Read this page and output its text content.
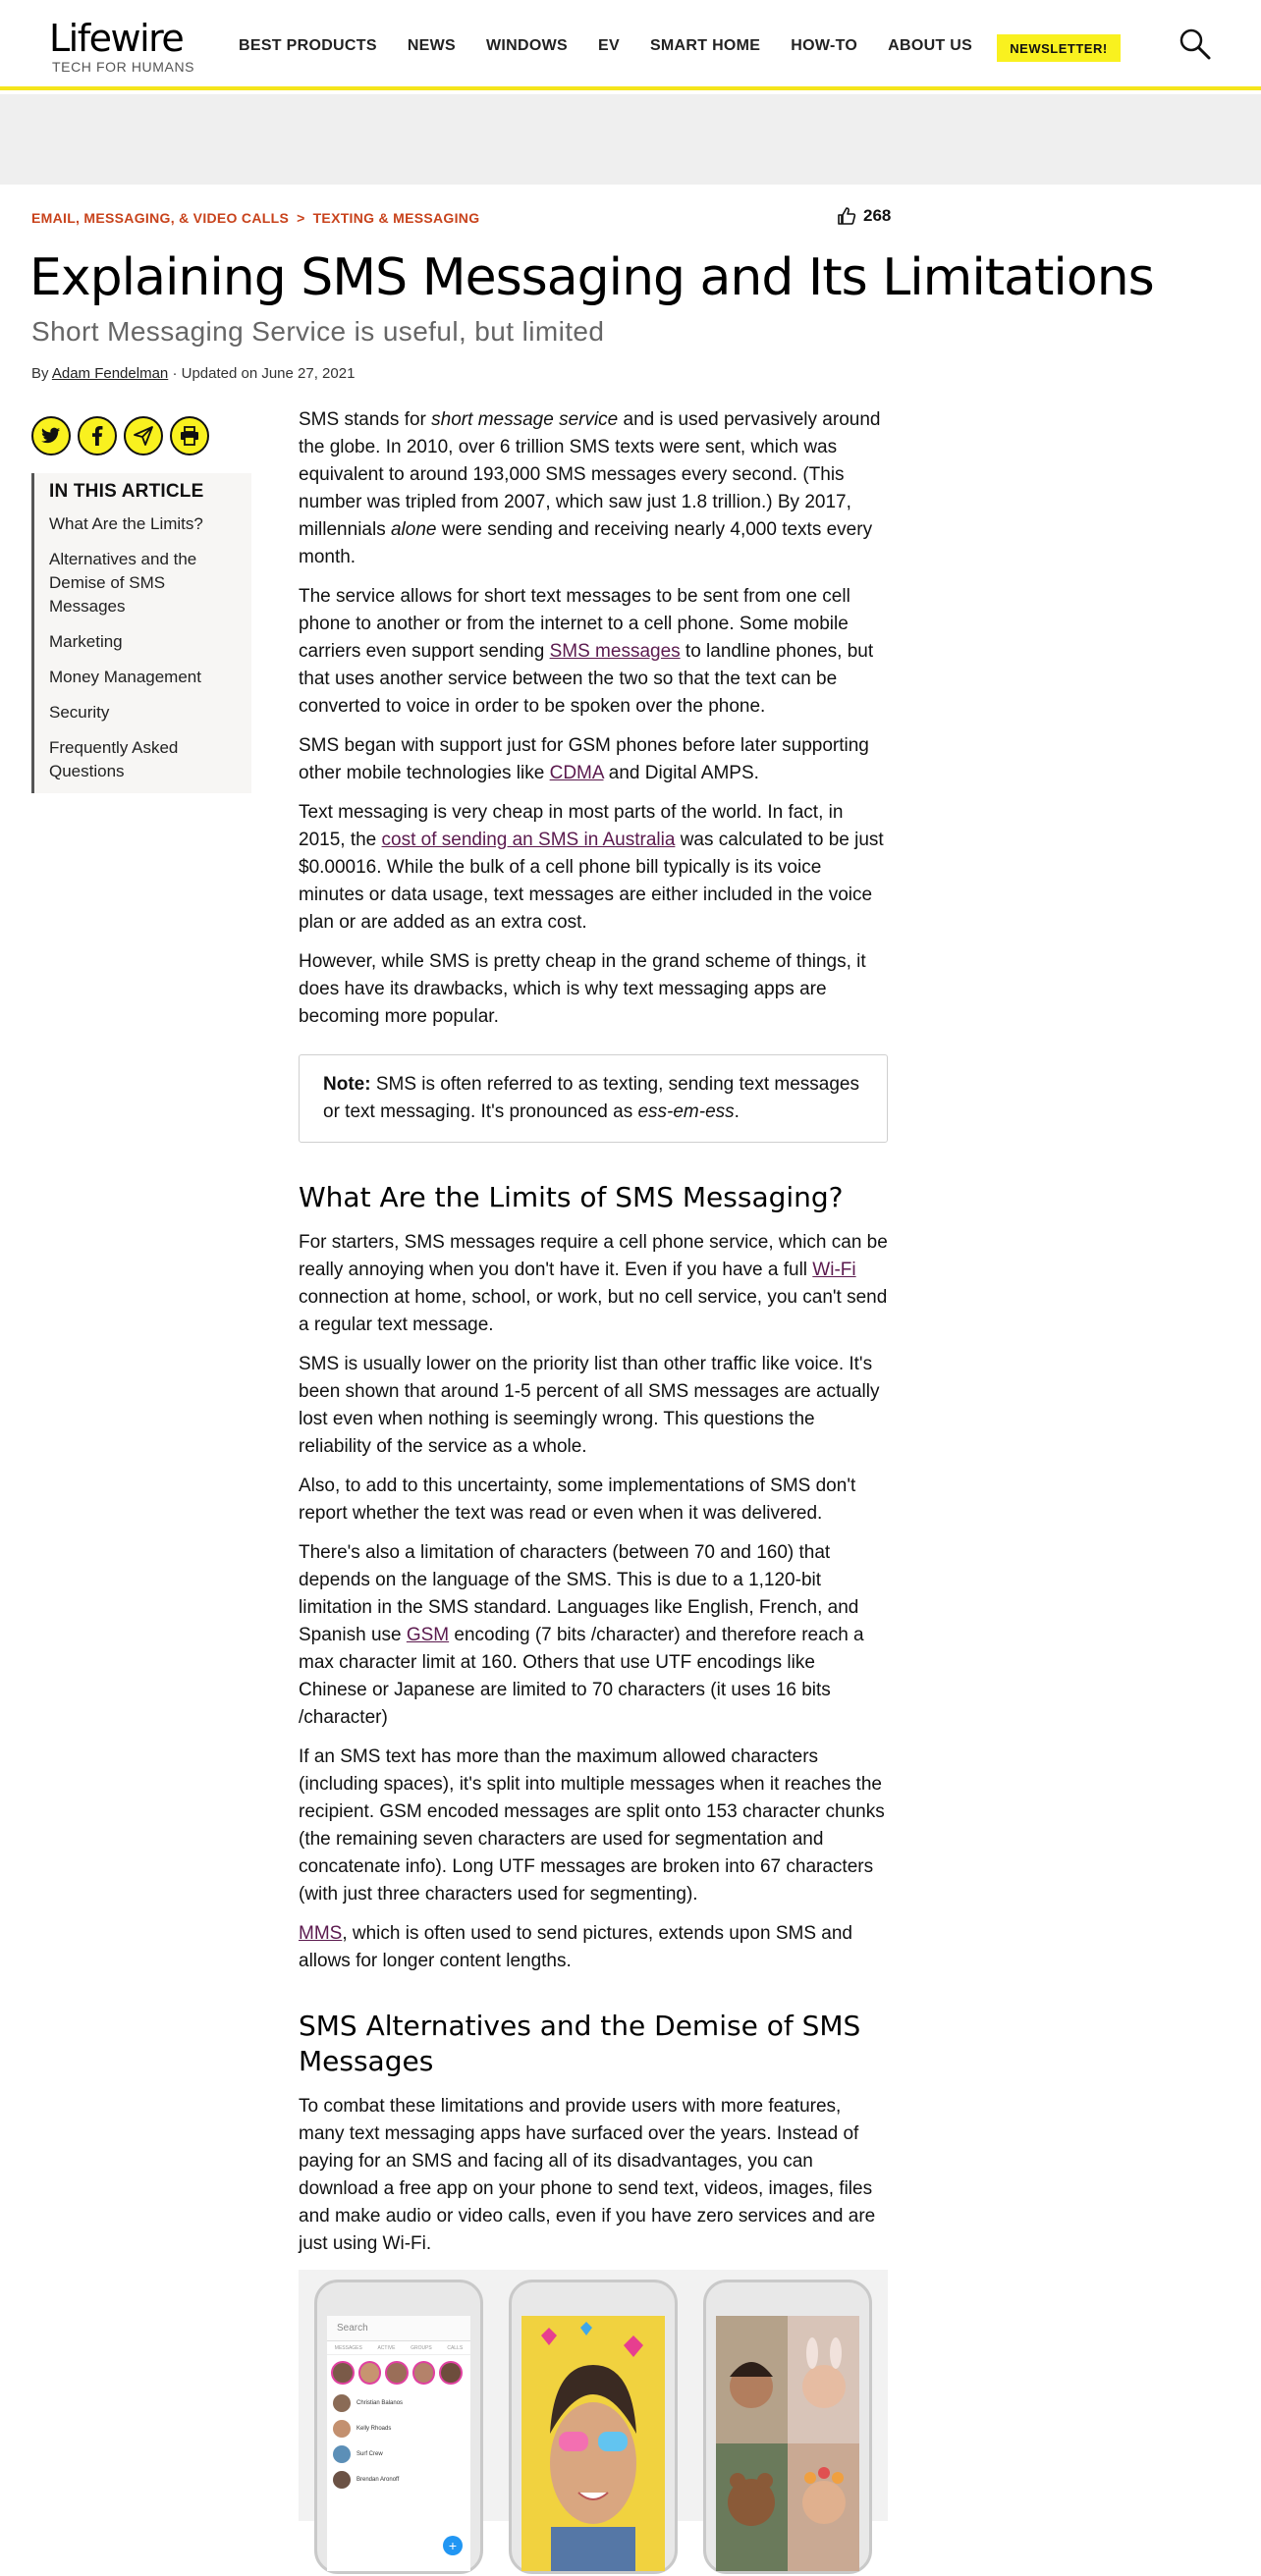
Lifewire
TECH FOR HUMANS
BEST PRODUCTS NEWS WINDOWS EV SMART HOME HOW-TO ABOUT US	NEWSLETTER!
EMAIL, MESSAGING, & VIDEO CALLS > TEXTING & MESSAGING	268
Explaining SMS Messaging and Its Limitations
Short Messaging Service is useful, but limited
By Adam Fendelman · Updated on June 27, 2021
IN THIS ARTICLE
What Are the Limits?
Alternatives and the Demise of SMS Messages
Marketing
Money Management
Security
Frequently Asked Questions

SMS stands for short message service and is used pervasively around the globe. In 2010, over 6 trillion SMS texts were sent, which was equivalent to around 193,000 SMS messages every second. (This number was tripled from 2007, which saw just 1.8 trillion.) By 2017, millennials alone were sending and receiving nearly 4,000 texts every month.

The service allows for short text messages to be sent from one cell phone to another or from the internet to a cell phone. Some mobile carriers even support sending SMS messages to landline phones, but that uses another service between the two so that the text can be converted to voice in order to be spoken over the phone.

SMS began with support just for GSM phones before later supporting other mobile technologies like CDMA and Digital AMPS.

Text messaging is very cheap in most parts of the world. In fact, in 2015, the cost of sending an SMS in Australia was calculated to be just $0.00016. While the bulk of a cell phone bill typically is its voice minutes or data usage, text messages are either included in the voice plan or are added as an extra cost.

However, while SMS is pretty cheap in the grand scheme of things, it does have its drawbacks, which is why text messaging apps are becoming more popular.

Note: SMS is often referred to as texting, sending text messages or text messaging. It's pronounced as ess-em-ess.
What Are the Limits of SMS Messaging?

For starters, SMS messages require a cell phone service, which can be really annoying when you don't have it. Even if you have a full Wi-Fi connection at home, school, or work, but no cell service, you can't send a regular text message.

SMS is usually lower on the priority list than other traffic like voice. It's been shown that around 1-5 percent of all SMS messages are actually lost even when nothing is seemingly wrong. This questions the reliability of the service as a whole.

Also, to add to this uncertainty, some implementations of SMS don't report whether the text was read or even when it was delivered.

There's also a limitation of characters (between 70 and 160) that depends on the language of the SMS. This is due to a 1,120-bit limitation in the SMS standard. Languages like English, French, and Spanish use GSM encoding (7 bits /character) and therefore reach a max character limit at 160. Others that use UTF encodings like Chinese or Japanese are limited to 70 characters (it uses 16 bits /character)

If an SMS text has more than the maximum allowed characters (including spaces), it's split into multiple messages when it reaches the recipient. GSM encoded messages are split onto 153 character chunks (the remaining seven characters are used for segmentation and concatenate info). Long UTF messages are broken into 67 characters (with just three characters used for segmenting).

MMS, which is often used to send pictures, extends upon SMS and allows for longer content lengths.

SMS Alternatives and the Demise of SMS Messages

To combat these limitations and provide users with more features, many text messaging apps have surfaced over the years. Instead of paying for an SMS and facing all of its disadvantages, you can download a free app on your phone to send text, videos, images, files and make audio or video calls, even if you have zero services and are just using Wi-Fi.

Search
MESSAGES	ACTIVE	GROUPS	CALLS
Christian Balanos
Kelly Rhoads
Surf Crew
Brendan Aronoff
+
